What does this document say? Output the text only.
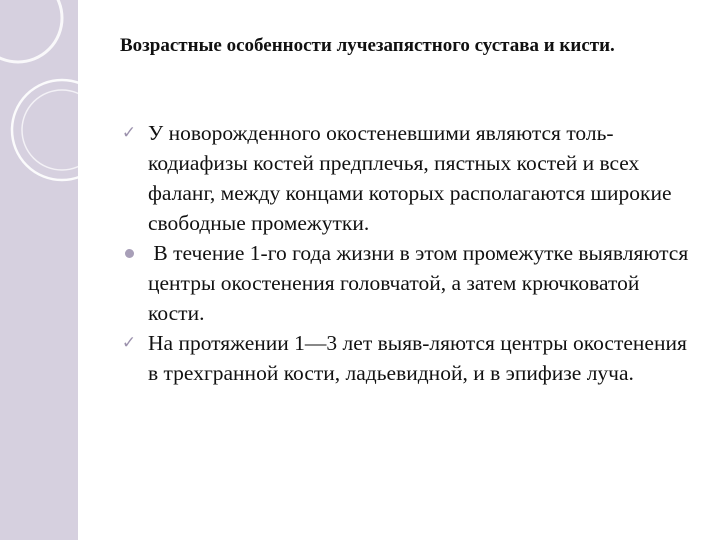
Возрастные особенности лучезапястного сустава и кисти.
✓ У новорожденного окостеневшими являются толь-кодиафизы костей предплечья, пястных костей и всех фаланг, между концами которых располагаются широкие свободные промежутки.
В течение 1-го года жизни в этом промежутке выявляются центры окостенения головчатой, а затем крючковатой кости.
✓ На протяжении 1—3 лет выяв-ляются центры окостенения в трехгранной кости, ладьевидной, и в эпифизе луча.
